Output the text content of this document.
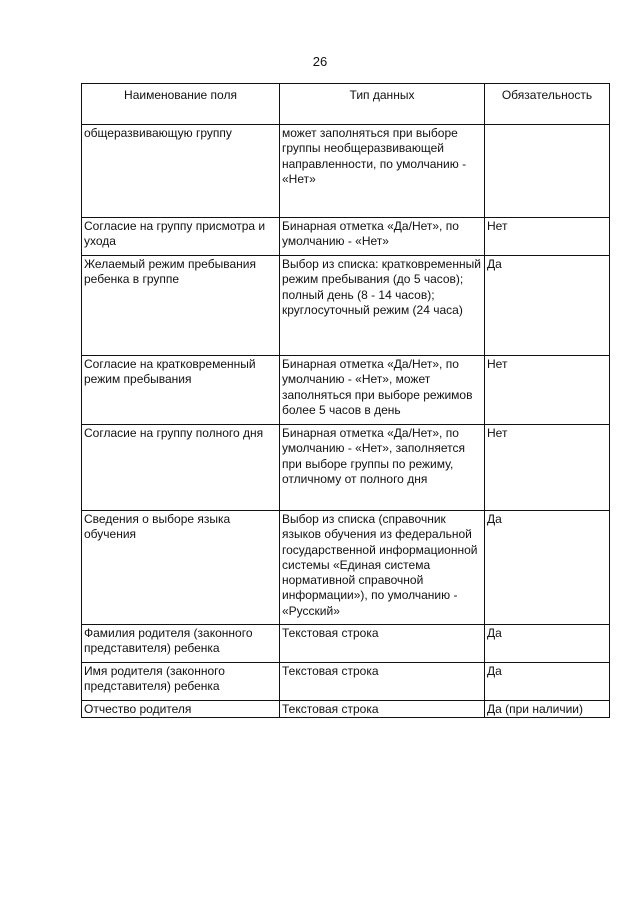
26
Наименование поля	Тип данных	Обязательность
общеразвивающую группу	может заполняться при выборе группы необщеразвивающей направленности, по умолчанию - «Нет»	
Согласие на группу присмотра и ухода	Бинарная отметка «Да/Нет», по умолчанию - «Нет»	Нет
Желаемый режим пребывания ребенка в группе	Выбор из списка: кратковременный режим пребывания (до 5 часов); полный день (8 - 14 часов); круглосуточный режим (24 часа)	Да
Согласие на кратковременный режим пребывания	Бинарная отметка «Да/Нет», по умолчанию - «Нет», может заполняться при выборе режимов более 5 часов в день	Нет
Согласие на группу полного дня	Бинарная отметка «Да/Нет», по умолчанию - «Нет», заполняется при выборе группы по режиму, отличному от полного дня	Нет
Сведения о выборе языка обучения	Выбор из списка (справочник языков обучения из федеральной государственной информационной системы «Единая система нормативной справочной информации»), по умолчанию - «Русский»	Да
Фамилия родителя (законного представителя) ребенка	Текстовая строка	Да
Имя родителя (законного представителя) ребенка	Текстовая строка	Да
Отчество родителя	Текстовая строка	Да (при наличии)
